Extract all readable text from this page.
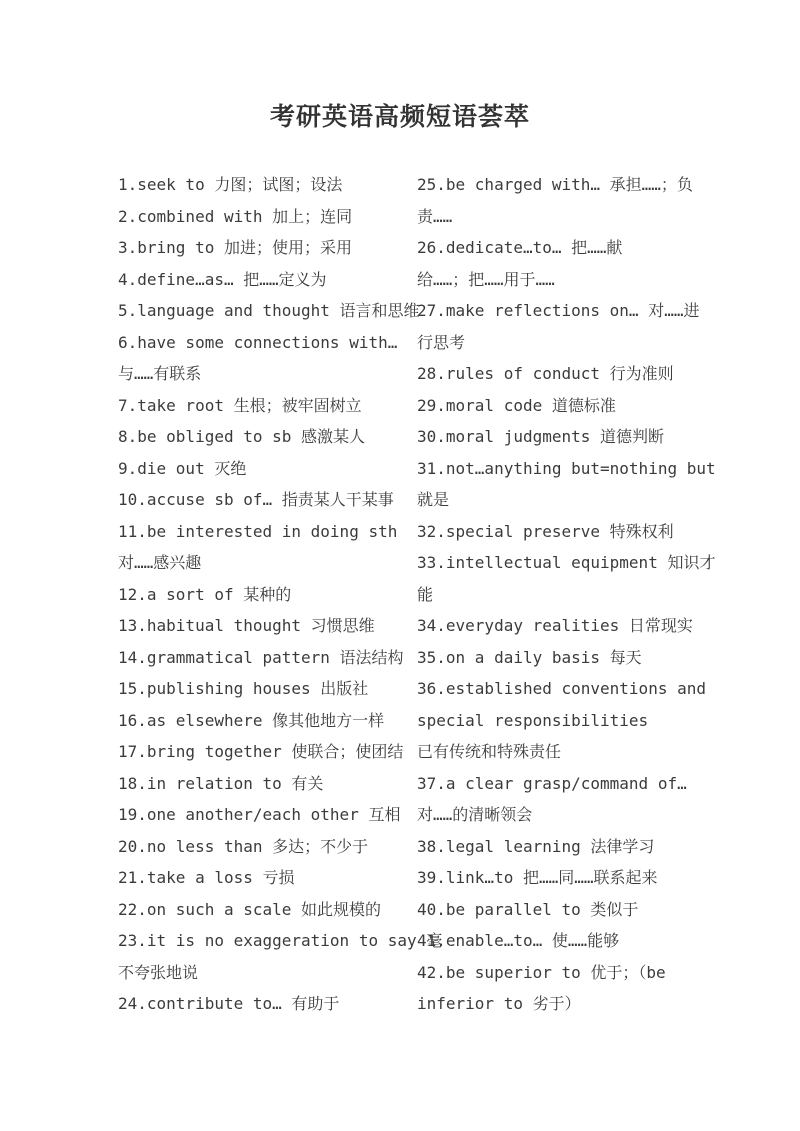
考研英语高频短语荟萃
1.seek to 力图；试图；设法
2.combined with 加上；连同
3.bring to 加进；使用；采用
4.define…as… 把……定义为
5.language and thought 语言和思维
6.have some connections with…
与……有联系
7.take root 生根；被牢固树立
8.be obliged to sb 感激某人
9.die out 灭绝
10.accuse sb of… 指责某人干某事
11.be interested in doing sth
对……感兴趣
12.a sort of 某种的
13.habitual thought 习惯思维
14.grammatical pattern 语法结构
15.publishing houses 出版社
16.as elsewhere 像其他地方一样
17.bring together 使联合；使团结
18.in relation to 有关
19.one another/each other 互相
20.no less than 多达；不少于
21.take a loss 亏损
22.on such a scale 如此规模的
23.it is no exaggeration to say 毫
不夸张地说
24.contribute to… 有助于
25.be charged with… 承担……；负
责……
26.dedicate…to… 把……献
给……；把……用于……
27.make reflections on… 对……进
行思考
28.rules of conduct 行为准则
29.moral code 道德标准
30.moral judgments 道德判断
31.not…anything but=nothing but
就是
32.special preserve 特殊权利
33.intellectual equipment 知识才
能
34.everyday realities 日常现实
35.on a daily basis 每天
36.established conventions and
special responsibilities
已有传统和特殊责任
37.a clear grasp/command of…
对……的清晰领会
38.legal learning 法律学习
39.link…to 把……同……联系起来
40.be parallel to 类似于
41.enable…to… 使……能够
42.be superior to 优于；（be
inferior to 劣于）
